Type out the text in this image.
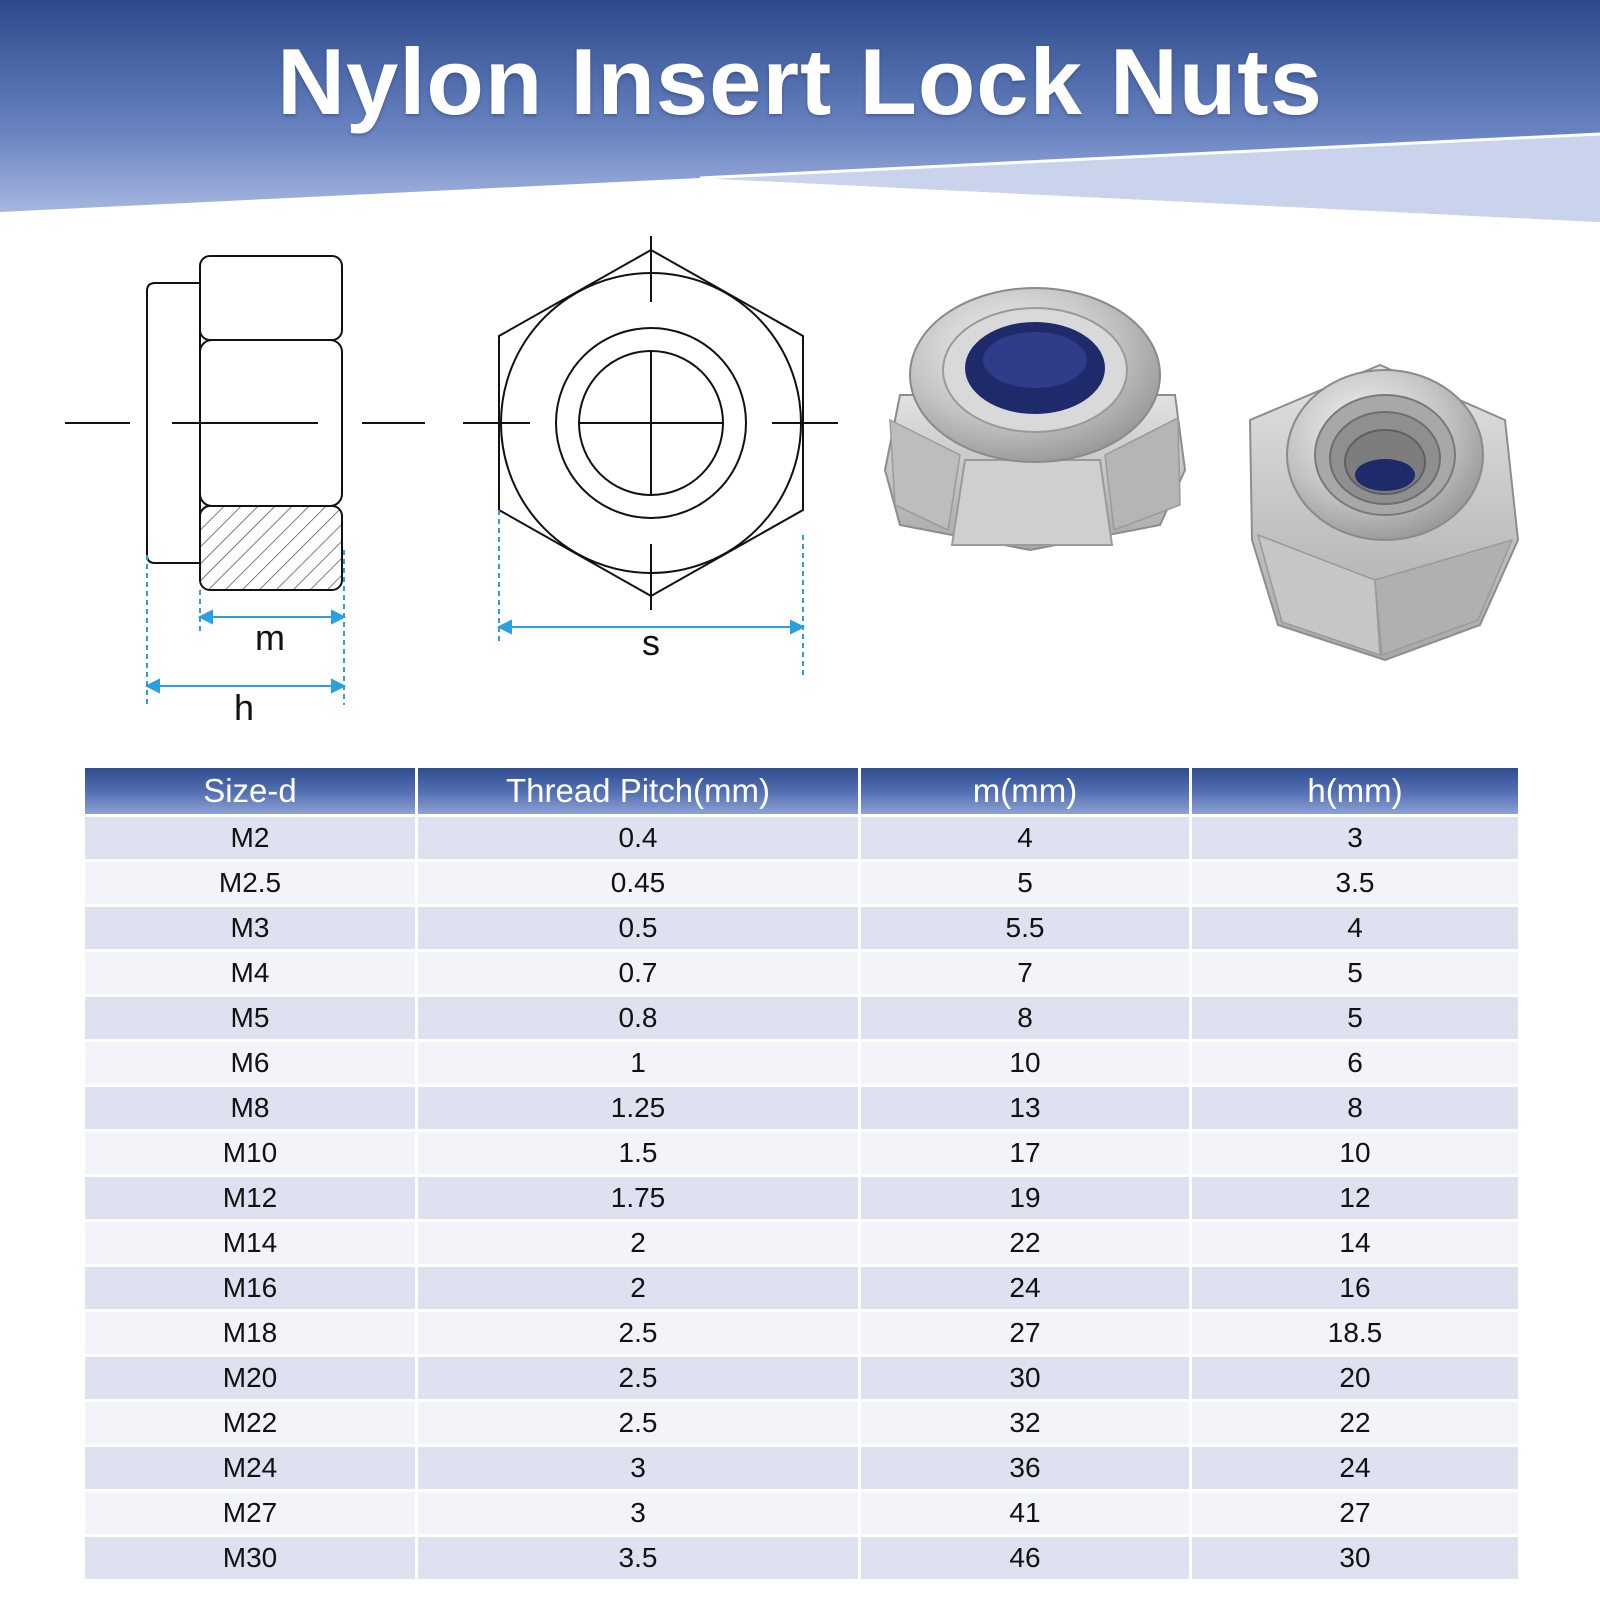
Nylon Insert Lock Nuts
m
h
s
Size-d	Thread Pitch(mm)	m(mm)	h(mm)
M2	0.4	4	3
M2.5	0.45	5	3.5
M3	0.5	5.5	4
M4	0.7	7	5
M5	0.8	8	5
M6	1	10	6
M8	1.25	13	8
M10	1.5	17	10
M12	1.75	19	12
M14	2	22	14
M16	2	24	16
M18	2.5	27	18.5
M20	2.5	30	20
M22	2.5	32	22
M24	3	36	24
M27	3	41	27
M30	3.5	46	30
